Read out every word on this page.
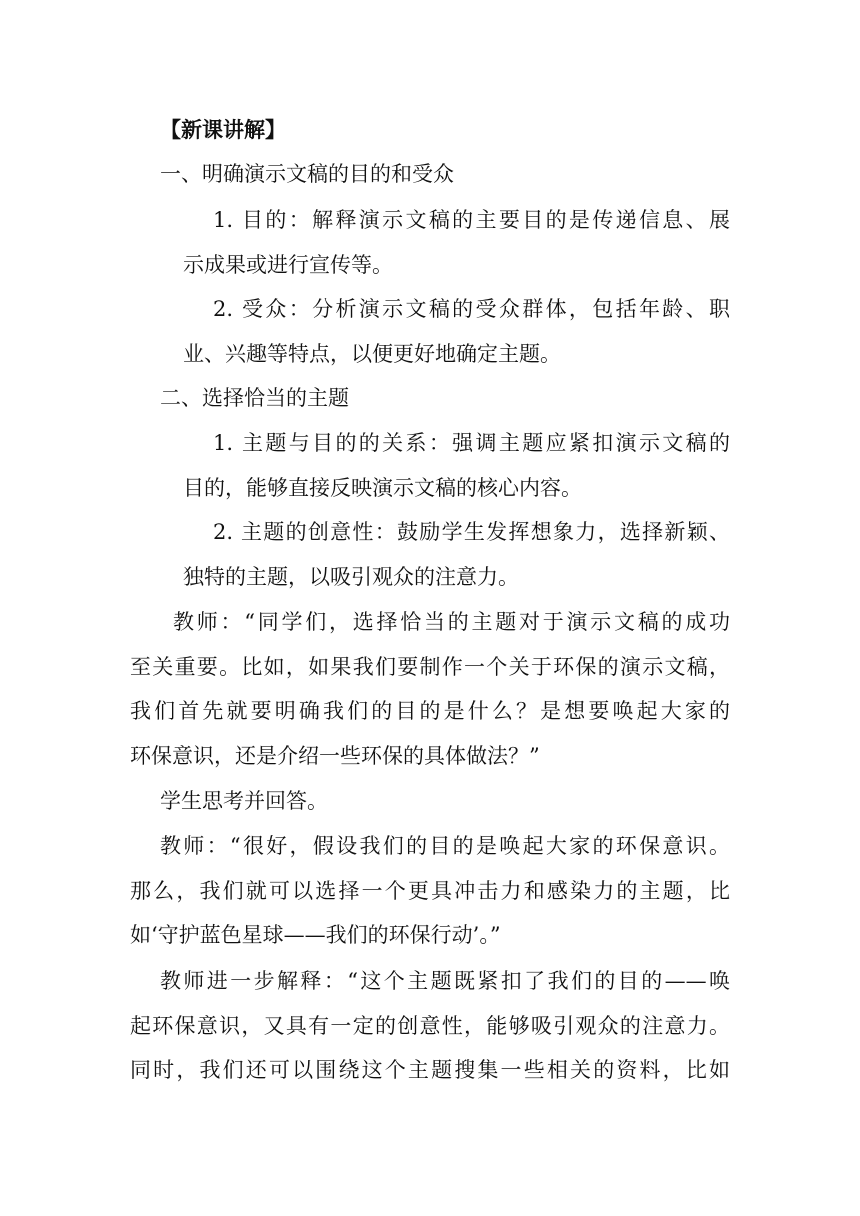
【新课讲解】
一、明确演示文稿的目的和受众
1. 目的：解释演示文稿的主要目的是传递信息、展
示成果或进行宣传等。
2. 受众：分析演示文稿的受众群体，包括年龄、职
业、兴趣等特点，以便更好地确定主题。
二、选择恰当的主题
1. 主题与目的的关系：强调主题应紧扣演示文稿的
目的，能够直接反映演示文稿的核心内容。
2. 主题的创意性：鼓励学生发挥想象力，选择新颖、
独特的主题，以吸引观众的注意力。
教师：“同学们，选择恰当的主题对于演示文稿的成功
至关重要。比如，如果我们要制作一个关于环保的演示文稿，
我们首先就要明确我们的目的是什么？是想要唤起大家的
环保意识，还是介绍一些环保的具体做法？”
学生思考并回答。
教师：“很好，假设我们的目的是唤起大家的环保意识。
那么，我们就可以选择一个更具冲击力和感染力的主题，比
如‘守护蓝色星球——我们的环保行动’。”
教师进一步解释：“这个主题既紧扣了我们的目的——唤
起环保意识，又具有一定的创意性，能够吸引观众的注意力。
同时，我们还可以围绕这个主题搜集一些相关的资料，比如
